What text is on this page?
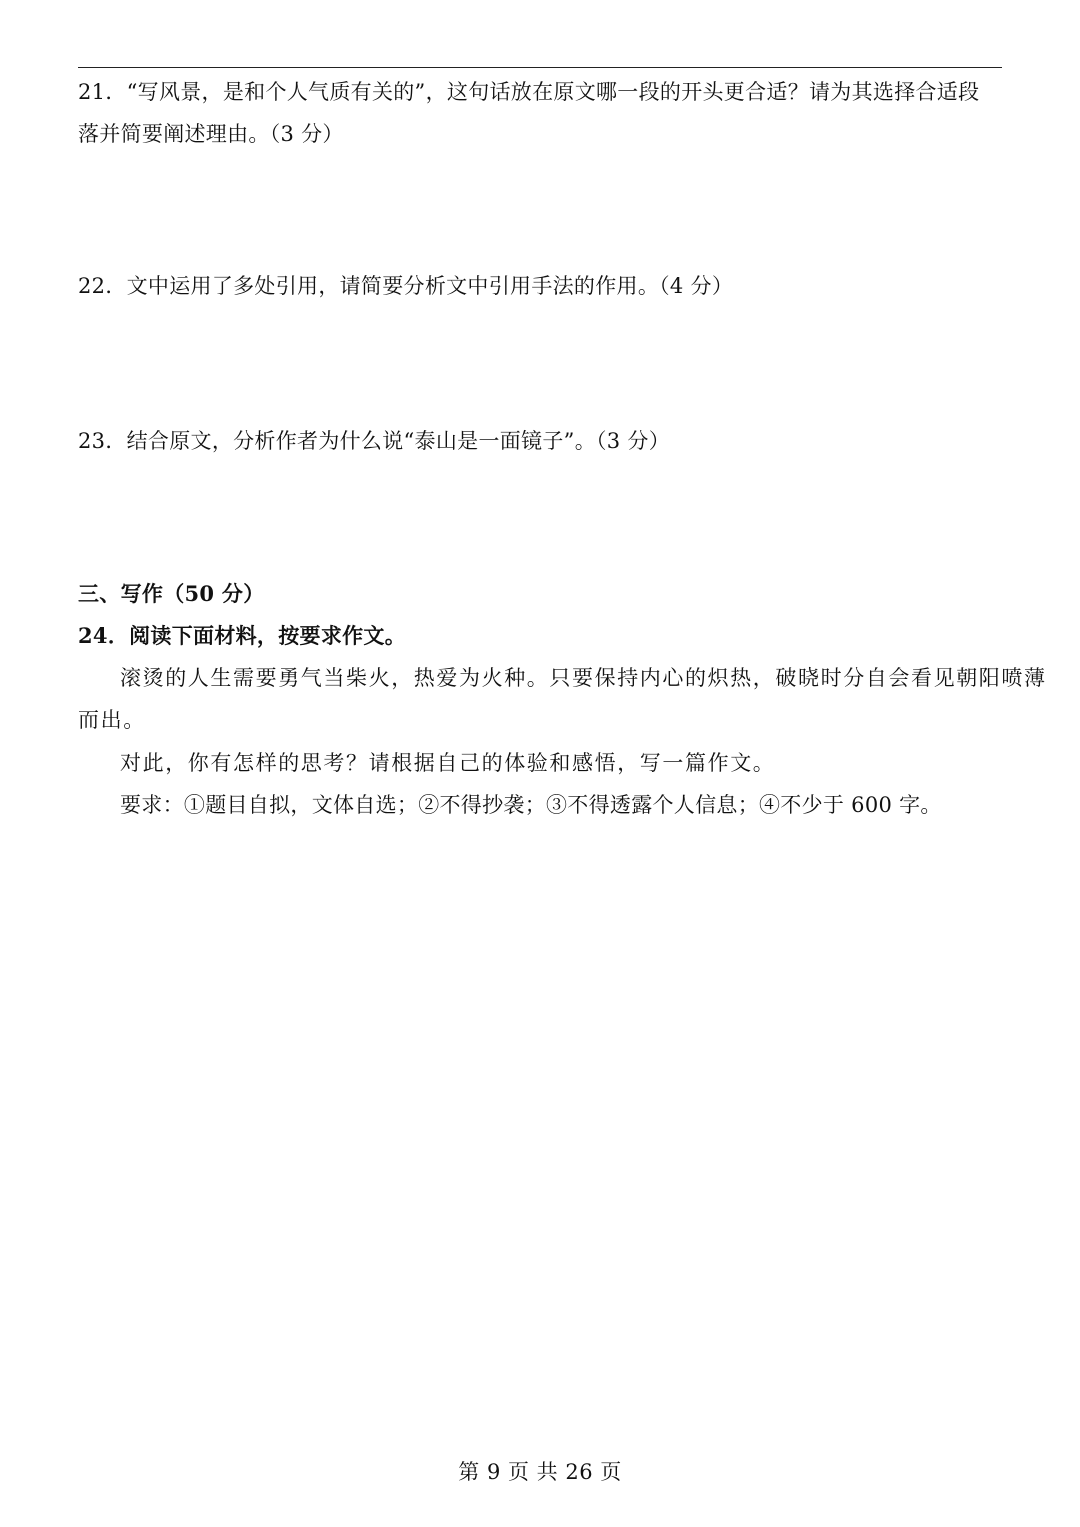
21．“写风景，是和个人气质有关的”，这句话放在原文哪一段的开头更合适？请为其选择合适段
落并简要阐述理由。（3 分）
22．文中运用了多处引用，请简要分析文中引用手法的作用。（4 分）
23．结合原文，分析作者为什么说“泰山是一面镜子”。（3 分）
三、写作（50 分）
24．阅读下面材料，按要求作文。
滚烫的人生需要勇气当柴火，热爱为火种。只要保持内心的炽热，破晓时分自会看见朝阳喷薄
而出。
对此，你有怎样的思考？请根据自己的体验和感悟，写一篇作文。
要求：①题目自拟，文体自选；②不得抄袭；③不得透露个人信息；④不少于 600 字。
第 9 页 共 26 页
